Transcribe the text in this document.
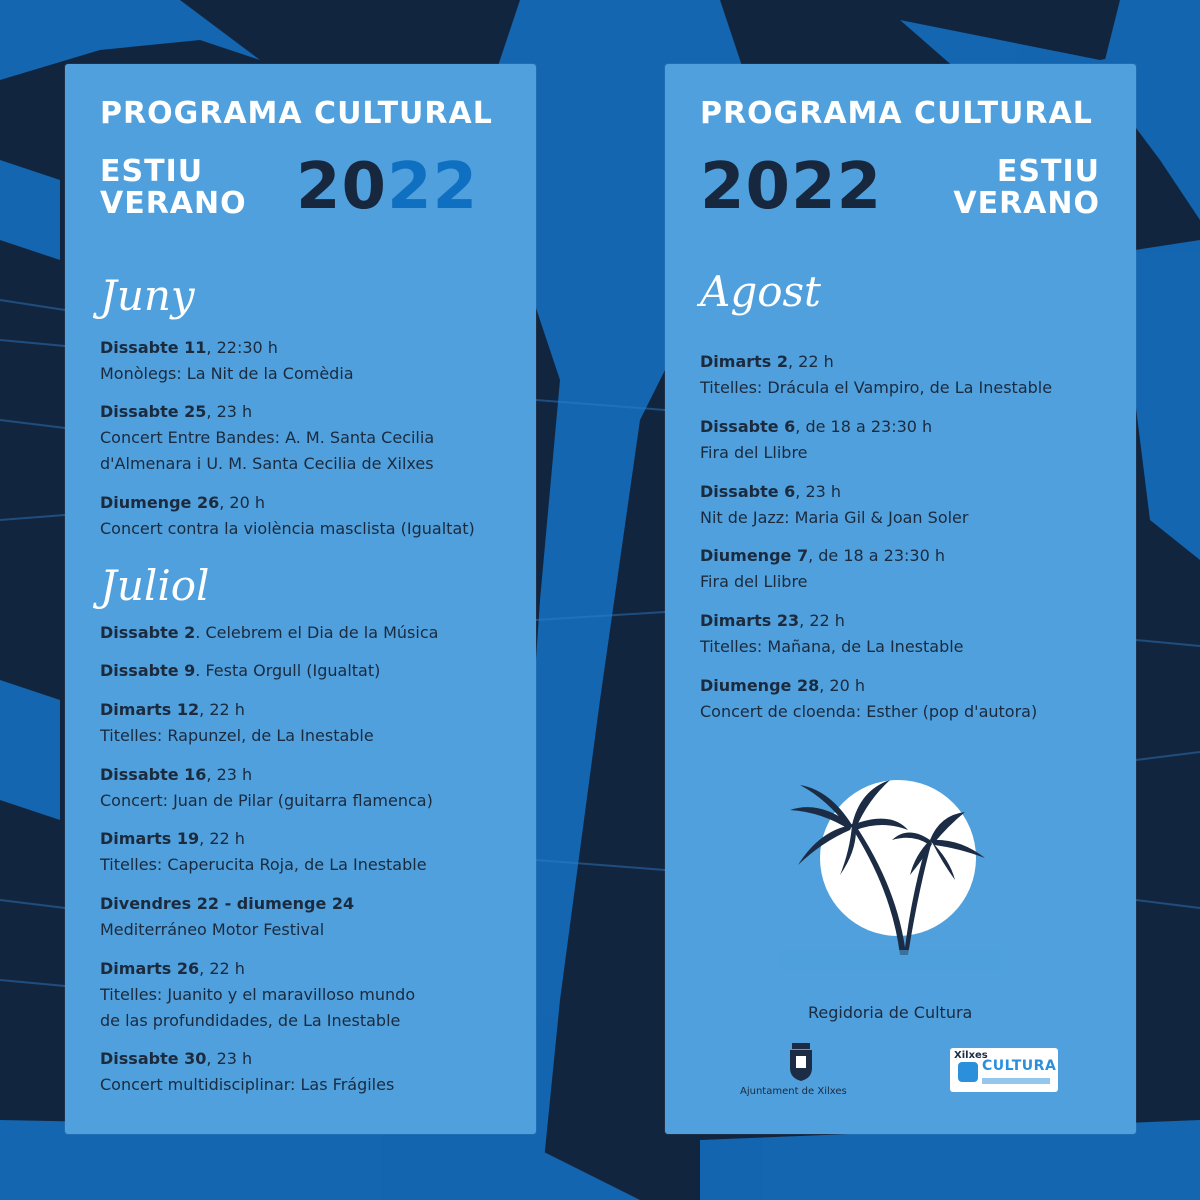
PROGRAMA CULTURAL
ESTIU
VERANO 2022
Juny
Dissabte 11, 22:30 h
Monòlegs: La Nit de la Comèdia
Dissabte 25, 23 h
Concert Entre Bandes: A. M. Santa Cecilia
d'Almenara i U. M. Santa Cecilia de Xilxes
Diumenge 26, 20 h
Concert contra la violència masclista (Igualtat)
Juliol
Dissabte 2. Celebrem el Dia de la Música
Dissabte 9. Festa Orgull (Igualtat)
Dimarts 12, 22 h
Titelles: Rapunzel, de La Inestable
Dissabte 16, 23 h
Concert: Juan de Pilar (guitarra flamenca)
Dimarts 19, 22 h
Titelles: Caperucita Roja, de La Inestable
Divendres 22 - diumenge 24
Mediterráneo Motor Festival
Dimarts 26, 22 h
Titelles: Juanito y el maravilloso mundo
de las profundidades, de La Inestable
Dissabte 30, 23 h
Concert multidisciplinar: Las Frágiles
PROGRAMA CULTURAL
2022	ESTIU
VERANO
Agost
Dimarts 2, 22 h
Titelles: Drácula el Vampiro, de La Inestable
Dissabte 6, de 18 a 23:30 h
Fira del Llibre
Dissabte 6, 23 h
Nit de Jazz: Maria Gil & Joan Soler
Diumenge 7, de 18 a 23:30 h
Fira del Llibre
Dimarts 23, 22 h
Titelles: Mañana, de La Inestable
Diumenge 28, 20 h
Concert de cloenda: Esther (pop d'autora)
Regidoria de Cultura
Ajuntament de Xilxes
Xilxes
CULTURA
